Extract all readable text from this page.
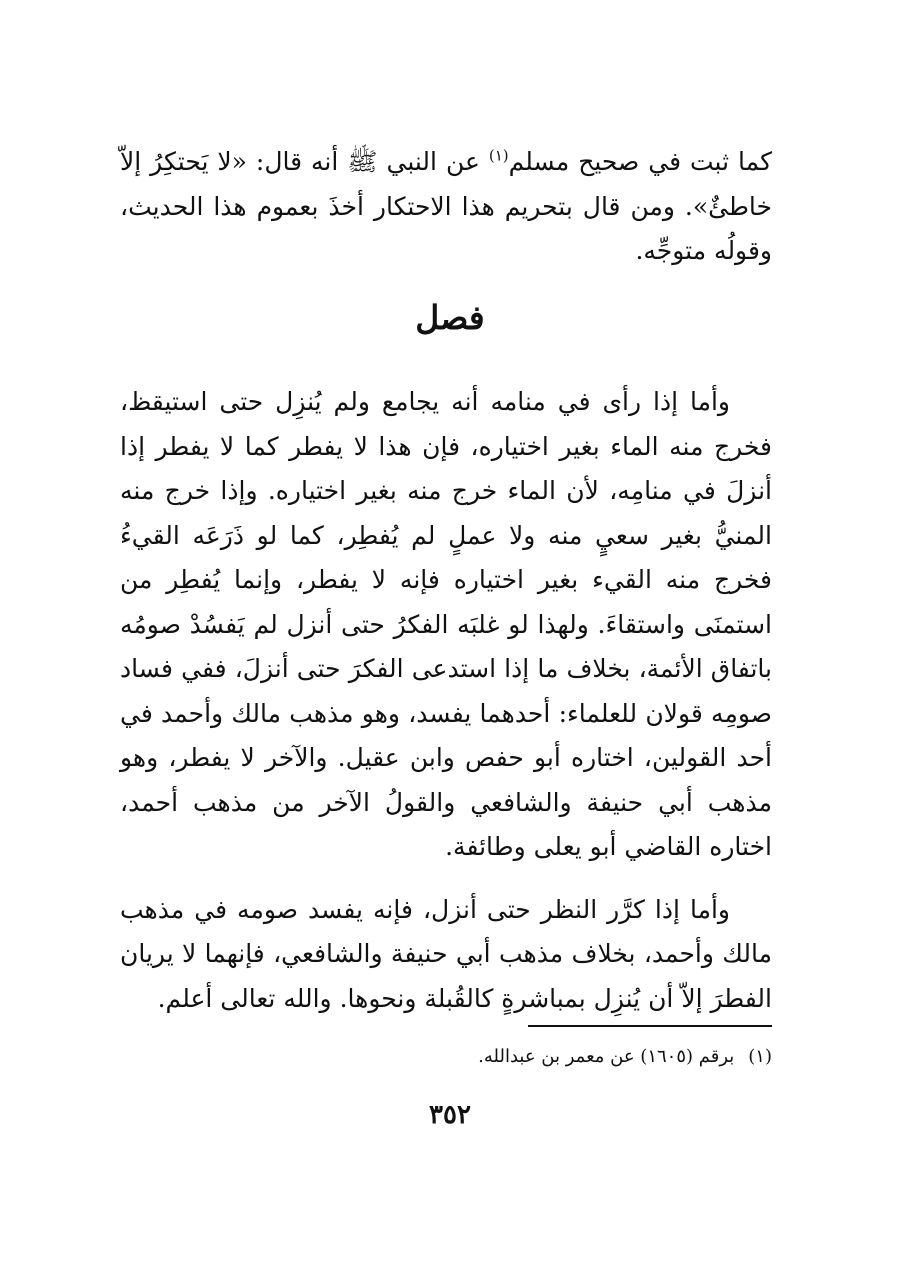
كما ثبت في صحيح مسلم$^{(١)}$ عن النبي ﷺ أنه قال: «لا يَحتكِرُ إلاّ خاطئٌ». ومن قال بتحريم هذا الاحتكار أخذَ بعموم هذا الحديث، وقولُه متوجِّه.

فصل

وأما إذا رأى في منامه أنه يجامع ولم يُنزِل حتى استيقظ، فخرج منه الماء بغير اختياره، فإن هذا لا يفطر كما لا يفطر إذا أنزلَ في منامِه، لأن الماء خرج منه بغير اختياره. وإذا خرج منه المنيُّ بغير سعيٍ منه ولا عملٍ لم يُفطِر، كما لو ذَرَعَه القيءُ فخرج منه القيء بغير اختياره فإنه لا يفطر، وإنما يُفطِر من استمنَى واستقاءَ. ولهذا لو غلبَه الفكرُ حتى أنزل لم يَفسُدْ صومُه باتفاق الأئمة، بخلاف ما إذا استدعى الفكرَ حتى أنزلَ، ففي فساد صومِه قولان للعلماء: أحدهما يفسد، وهو مذهب مالك وأحمد في أحد القولين، اختاره أبو حفص وابن عقيل. والآخر لا يفطر، وهو مذهب أبي حنيفة والشافعي والقولُ الآخر من مذهب أحمد، اختاره القاضي أبو يعلى وطائفة.

وأما إذا كرَّر النظر حتى أنزل، فإنه يفسد صومه في مذهب مالك وأحمد، بخلاف مذهب أبي حنيفة والشافعي، فإنهما لا يريان الفطرَ إلاّ أن يُنزِل بمباشرةٍ كالقُبلة ونحوها. والله تعالى أعلم.

(١)برقم (١٦٠٥) عن معمر بن عبدالله.
٣٥٢
